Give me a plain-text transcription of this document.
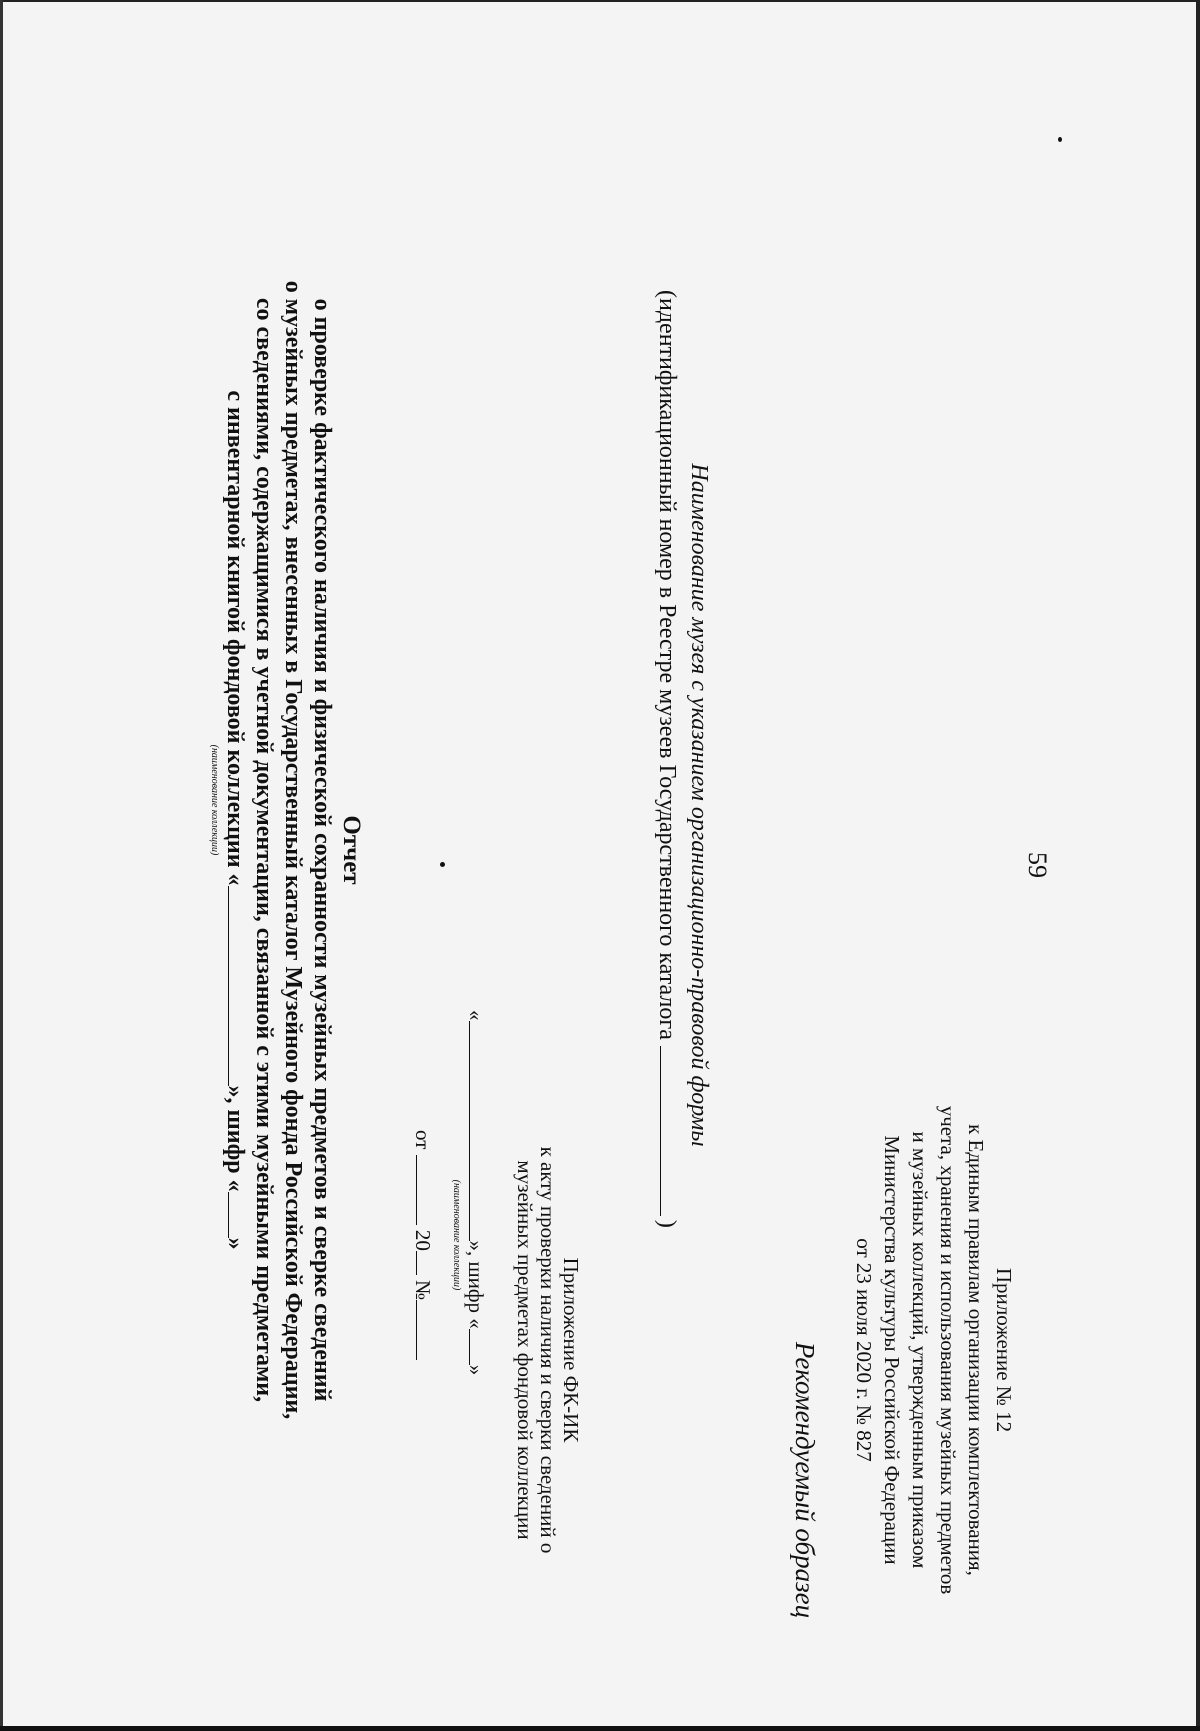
59
Приложение № 12
к Единым правилам организации комплектования,
учета, хранения и использования музейных предметов
и музейных коллекций, утвержденным приказом
Министерства культуры Российской Федерации
от 23 июля 2020 г. № 827
Рекомендуемый образец
Наименование музея с указанием организационно-правовой формы
(идентификационный номер в Реестре музеев Государственного каталога )
Приложение ФК-ИК
к акту проверки наличия и сверки сведений о
музейных предметах фондовой коллекции
«», шифр «»
(наименование коллекции)
от  20 №
Отчет
о проверке фактического наличия и физической сохранности музейных предметов и сверке сведений
о музейных предметах, внесенных в Государственный каталог Музейного фонда Российской Федерации,
со сведениями, содержащимися в учетной документации, связанной с этими музейными предметами,
с инвентарной книгой фондовой коллекции «», шифр «»
(наименование коллекции)
